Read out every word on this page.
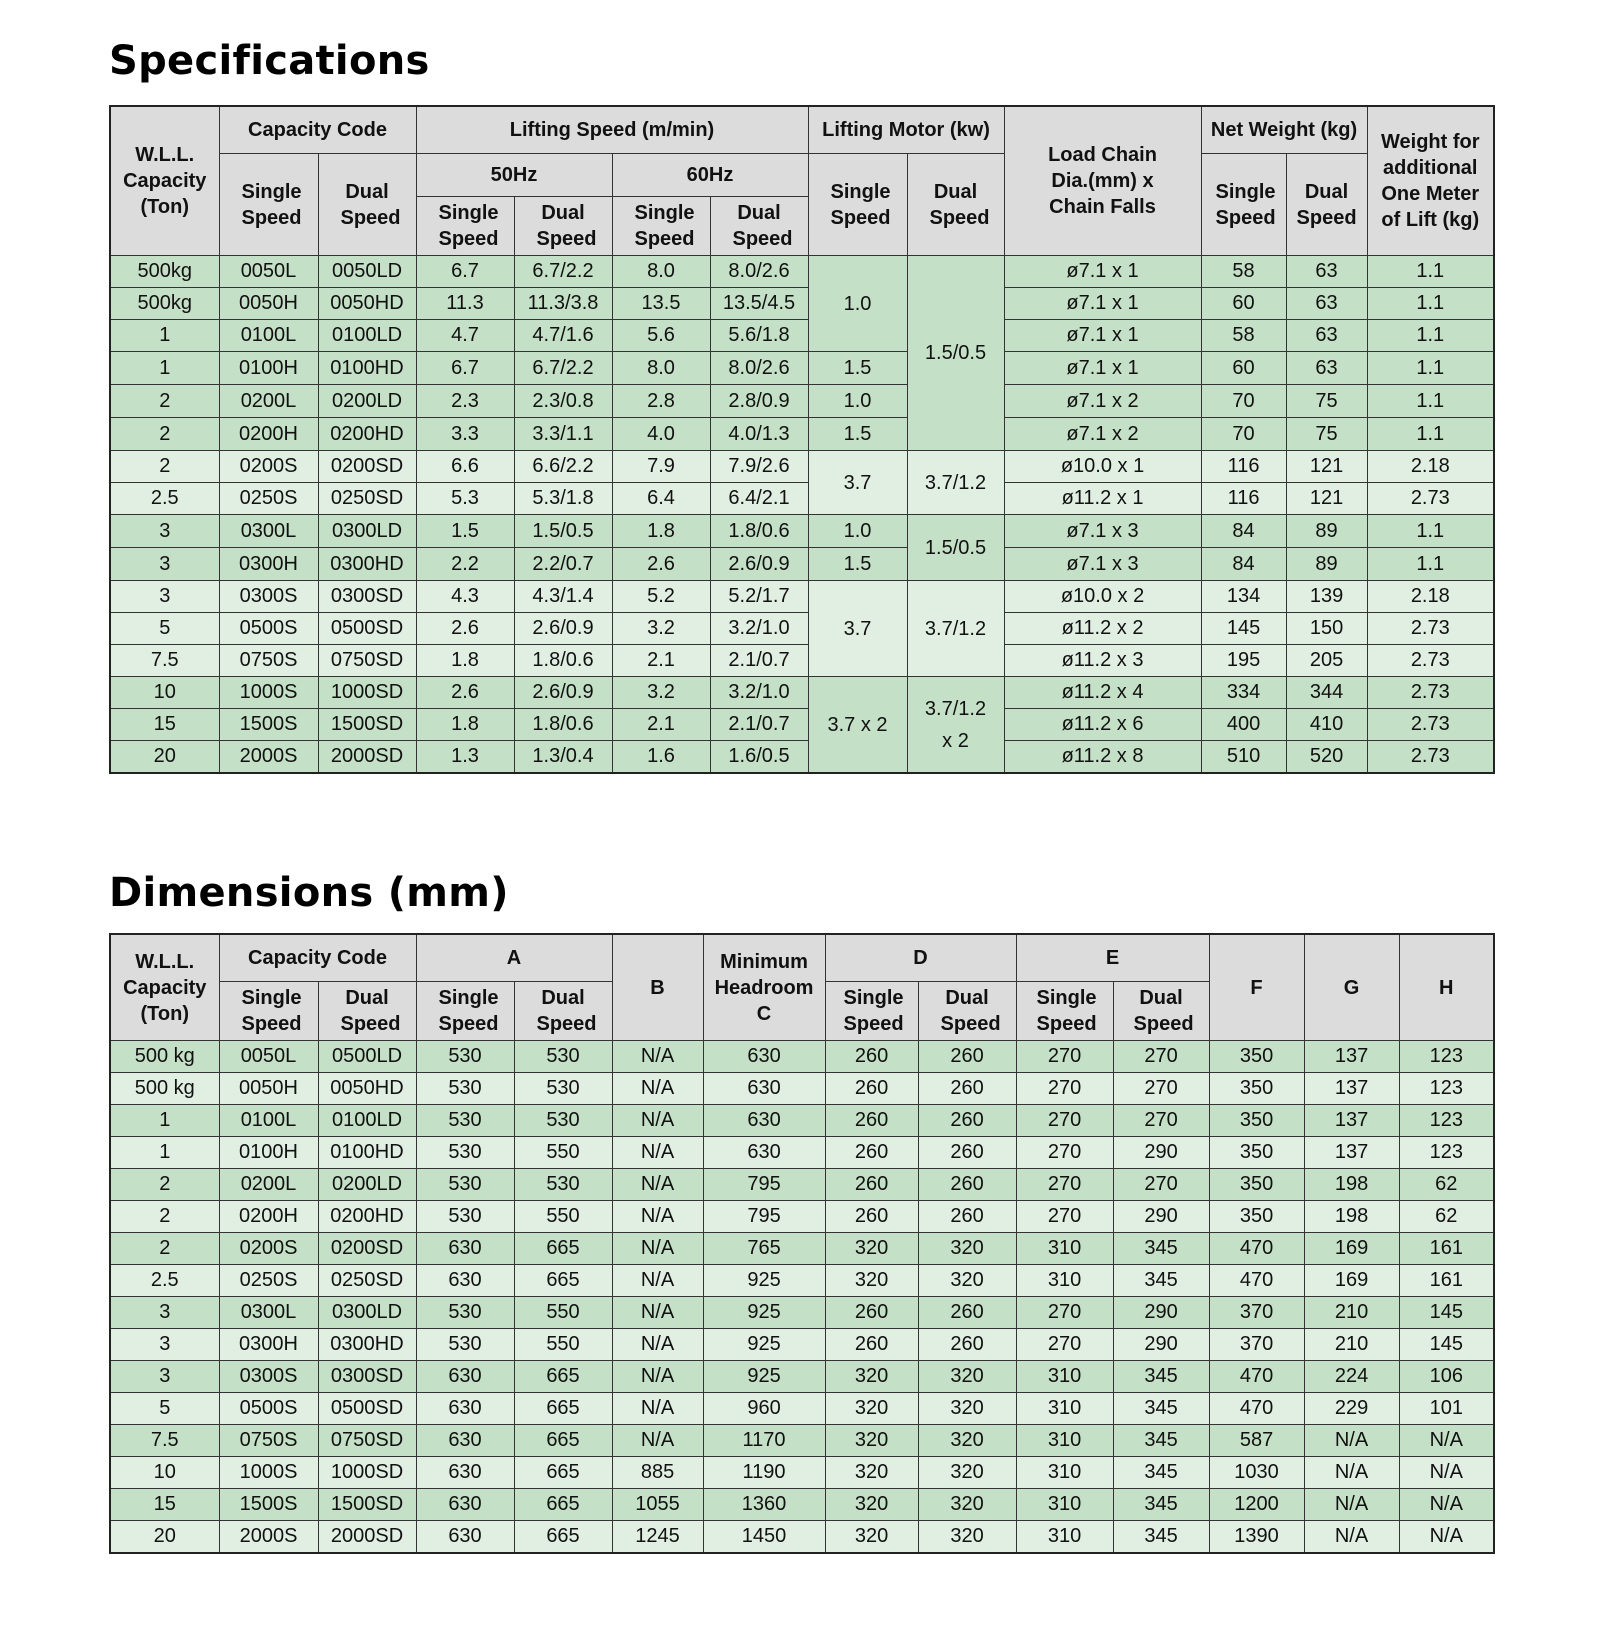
Specifications
W.L.L. Capacity (Ton)	Capacity Code		Lifting Speed (m/min)				Lifting Motor (kw)		Load Chain Dia.(mm) x Chain Falls	Net Weight (kg)		Weight for additional One Meter of Lift (kg)
	Single Speed	Dual Speed	50Hz		60Hz		Single Speed	Dual Speed		Single Speed	Dual Speed	
			Single Speed	Dual Speed	Single Speed	Dual Speed						
500kg	0050L	0050LD	6.7	6.7/2.2	8.0	8.0/2.6	1.0	1.5/0.5	ø7.1 x 1	58	63	1.1
500kg	0050H	0050HD	11.3	11.3/3.8	13.5	13.5/4.5			ø7.1 x 1	60	63	1.1
1	0100L	0100LD	4.7	4.7/1.6	5.6	5.6/1.8			ø7.1 x 1	58	63	1.1
1	0100H	0100HD	6.7	6.7/2.2	8.0	8.0/2.6	1.5		ø7.1 x 1	60	63	1.1
2	0200L	0200LD	2.3	2.3/0.8	2.8	2.8/0.9	1.0		ø7.1 x 2	70	75	1.1
2	0200H	0200HD	3.3	3.3/1.1	4.0	4.0/1.3	1.5		ø7.1 x 2	70	75	1.1
2	0200S	0200SD	6.6	6.6/2.2	7.9	7.9/2.6	3.7	3.7/1.2	ø10.0 x 1	116	121	2.18
2.5	0250S	0250SD	5.3	5.3/1.8	6.4	6.4/2.1			ø11.2 x 1	116	121	2.73
3	0300L	0300LD	1.5	1.5/0.5	1.8	1.8/0.6	1.0	1.5/0.5	ø7.1 x 3	84	89	1.1
3	0300H	0300HD	2.2	2.2/0.7	2.6	2.6/0.9	1.5		ø7.1 x 3	84	89	1.1
3	0300S	0300SD	4.3	4.3/1.4	5.2	5.2/1.7	3.7	3.7/1.2	ø10.0 x 2	134	139	2.18
5	0500S	0500SD	2.6	2.6/0.9	3.2	3.2/1.0			ø11.2 x 2	145	150	2.73
7.5	0750S	0750SD	1.8	1.8/0.6	2.1	2.1/0.7			ø11.2 x 3	195	205	2.73
10	1000S	1000SD	2.6	2.6/0.9	3.2	3.2/1.0	3.7 x 2	3.7/1.2 x 2	ø11.2 x 4	334	344	2.73
15	1500S	1500SD	1.8	1.8/0.6	2.1	2.1/0.7			ø11.2 x 6	400	410	2.73
20	2000S	2000SD	1.3	1.3/0.4	1.6	1.6/0.5			ø11.2 x 8	510	520	2.73
Dimensions (mm)
W.L.L. Capacity (Ton)	Capacity Code		A		B	Minimum Headroom C	D		E		F	G	H
	Single Speed	Dual Speed	Single Speed	Dual Speed			Single Speed	Dual Speed	Single Speed	Dual Speed			
500 kg	0050L	0500LD	530	530	N/A	630	260	260	270	270	350	137	123
500 kg	0050H	0050HD	530	530	N/A	630	260	260	270	270	350	137	123
1	0100L	0100LD	530	530	N/A	630	260	260	270	270	350	137	123
1	0100H	0100HD	530	550	N/A	630	260	260	270	290	350	137	123
2	0200L	0200LD	530	530	N/A	795	260	260	270	270	350	198	62
2	0200H	0200HD	530	550	N/A	795	260	260	270	290	350	198	62
2	0200S	0200SD	630	665	N/A	765	320	320	310	345	470	169	161
2.5	0250S	0250SD	630	665	N/A	925	320	320	310	345	470	169	161
3	0300L	0300LD	530	550	N/A	925	260	260	270	290	370	210	145
3	0300H	0300HD	530	550	N/A	925	260	260	270	290	370	210	145
3	0300S	0300SD	630	665	N/A	925	320	320	310	345	470	224	106
5	0500S	0500SD	630	665	N/A	960	320	320	310	345	470	229	101
7.5	0750S	0750SD	630	665	N/A	1170	320	320	310	345	587	N/A	N/A
10	1000S	1000SD	630	665	885	1190	320	320	310	345	1030	N/A	N/A
15	1500S	1500SD	630	665	1055	1360	320	320	310	345	1200	N/A	N/A
20	2000S	2000SD	630	665	1245	1450	320	320	310	345	1390	N/A	N/A
